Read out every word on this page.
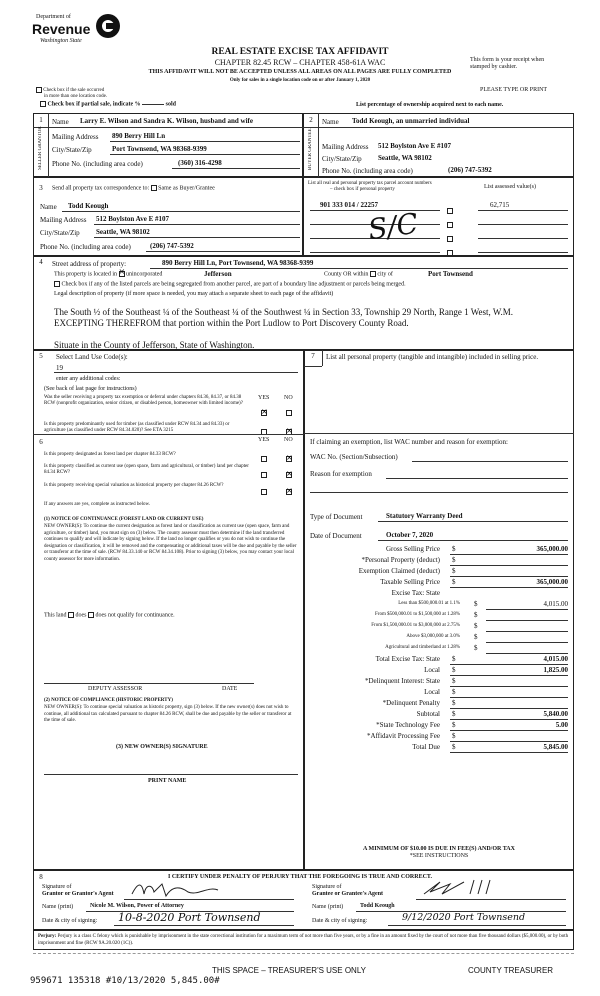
Department of
Revenue
Washington State
REAL ESTATE EXCISE TAX AFFIDAVIT
CHAPTER 82.45 RCW – CHAPTER 458-61A WAC
THIS AFFIDAVIT WILL NOT BE ACCEPTED UNLESS ALL AREAS ON ALL PAGES ARE FULLY COMPLETED
Only for sales in a single location code on or after January 1, 2020
This form is your receipt when
stamped by cashier.
PLEASE TYPE OR PRINT
Check box if the sale occurred
in more than one location code.
Check box if partial sale, indicate %	sold	List percentage of ownership acquired next to each name.
1	2
SELLER GRANTOR	BUYER GRANTEE
Name Larry E. Wilson and Sandra K. Wilson, husband and wife
Mailing Address 890 Berry Hill Ln
City/State/Zip	Port Townsend, WA 98368-9399
Phone No. (including area code)	(360) 316-4298
Name Todd Keough, an unmarried individual
Mailing Address 512 Boylston Ave E #107
City/State/Zip Seattle, WA 98102
Phone No. (including area code)	(206) 747-5392
3	Send all property tax correspondence to: Same as Buyer/Grantee
Name Todd Keough
Mailing Address 512 Boylston Ave E #107
City/State/Zip Seattle, WA 98102
Phone No. (including area code)	(206) 747-5392
List all real and personal property tax parcel account numbers
– check box if personal property	List assessed value(s)
901 333 014 / 22257	62,715
S/C
4	Street address of property:	890 Berry Hill Ln, Port Townsend, WA 98368-9399
This property is located in × unincorporated	Jefferson	County OR within city of	Port Townsend
Check box if any of the listed parcels are being segregated from another parcel, are part of a boundary line adjustment or parcels being merged.
Legal description of property (if more space is needed, you may attach a separate sheet to each page of the affidavit)
The South ½ of the Southeast ¼ of the Southeast ¼ of the Southwest ¼ in Section 33, Township 29 North, Range 1 West, W.M.
EXCEPTING THEREFROM that portion within the Port Ludlow to Port Discovery County Road.
Situate in the County of Jefferson, State of Washington.
5	Select Land Use Code(s):
19
enter any additional codes:
(See back of last page for instructions)
YES NO
Was the seller receiving a property tax exemption or deferral under chapters 84.36, 84.37, or 84.38 RCW (nonprofit organization, senior citizen, or disabled person, homeowner with limited income)?
×
Is this property predominantly used for timber (as classified under RCW 84.34 and 84.33) or agriculture (as classified under RCW 84.34.020)? See ETA 3215
×
6	YES NO
Is this property designated as forest land per chapter 84.33 RCW?
×
Is this property classified as current use (open space, farm and agricultural, or timber) land per chapter 84.34 RCW?
×
Is this property receiving special valuation as historical property per chapter 84.26 RCW?
×
If any answers are yes, complete as instructed below.
(1) NOTICE OF CONTINUANCE (FOREST LAND OR CURRENT USE)
NEW OWNER(S): To continue the current designation as forest land or classification as current use (open space, farm and agriculture, or timber) land, you must sign on (3) below. The county assessor must then determine if the land transferred continues to qualify and will indicate by signing below. If the land no longer qualifies or you do not wish to continue the designation or classification, it will be removed and the compensating or additional taxes will be due and payable by the seller or transferor at the time of sale. (RCW 84.33.140 or RCW 84.34.108). Prior to signing (3) below, you may contact your local county assessor for more information.
This land does does not qualify for continuance.
DEPUTY ASSESSOR	DATE
(2) NOTICE OF COMPLIANCE (HISTORIC PROPERTY)
NEW OWNER(S): To continue special valuation as historic property, sign (3) below. If the new owner(s) does not wish to continue, all additional tax calculated pursuant to chapter 84.26 RCW, shall be due and payable by the seller or transferor at the time of sale.
(3) NEW OWNER(S) SIGNATURE
PRINT NAME
7	List all personal property (tangible and intangible) included in selling price.
If claiming an exemption, list WAC number and reason for exemption:
WAC No. (Section/Subsection)
Reason for exemption
Type of Document	Statutory Warranty Deed
Date of Document	October 7, 2020
Gross Selling Price $	365,000.00
*Personal Property (deduct) $
Exemption Claimed (deduct) $
Taxable Selling Price $	365,000.00
Excise Tax: State
Less than $500,000.01 at 1.1% $	4,015.00
From $500,000.01 to $1,500,000 at 1.28% $
From $1,500,000.01 to $3,000,000 at 2.75% $
Above $3,000,000 at 3.0% $
Agricultural and timberland at 1.28% $
Total Excise Tax: State $	4,015.00
Local $	1,825.00
*Delinquent Interest: State $
Local $
*Delinquent Penalty $
Subtotal $	5,840.00
*State Technology Fee $	5.00
*Affidavit Processing Fee $
Total Due $	5,845.00
A MINIMUM OF $10.00 IS DUE IN FEE(S) AND/OR TAX
*SEE INSTRUCTIONS
8	I CERTIFY UNDER PENALTY OF PERJURY THAT THE FOREGOING IS TRUE AND CORRECT.
Signature of
Grantor or Grantor's Agent
Signature of
Grantee or Grantee's Agent
Name (print)	Nicole M. Wilson, Power of Attorney	Name (print)	Todd Keough
Date & city of signing: 10-8-2020 Port Townsend	Date & city of signing:	9/12/2020 Port Townsend
Perjury: Perjury is a class C felony which is punishable by imprisonment in the state correctional institution for a maximum term of not more than five years, or by a fine in an amount fixed by the court of not more than five thousand dollars ($5,000.00), or by both imprisonment and fine (RCW 9A.20.020 (1C)).
THIS SPACE – TREASURER'S USE ONLY	COUNTY TREASURER
959671 135318 #10/13/2020 5,845.00#
